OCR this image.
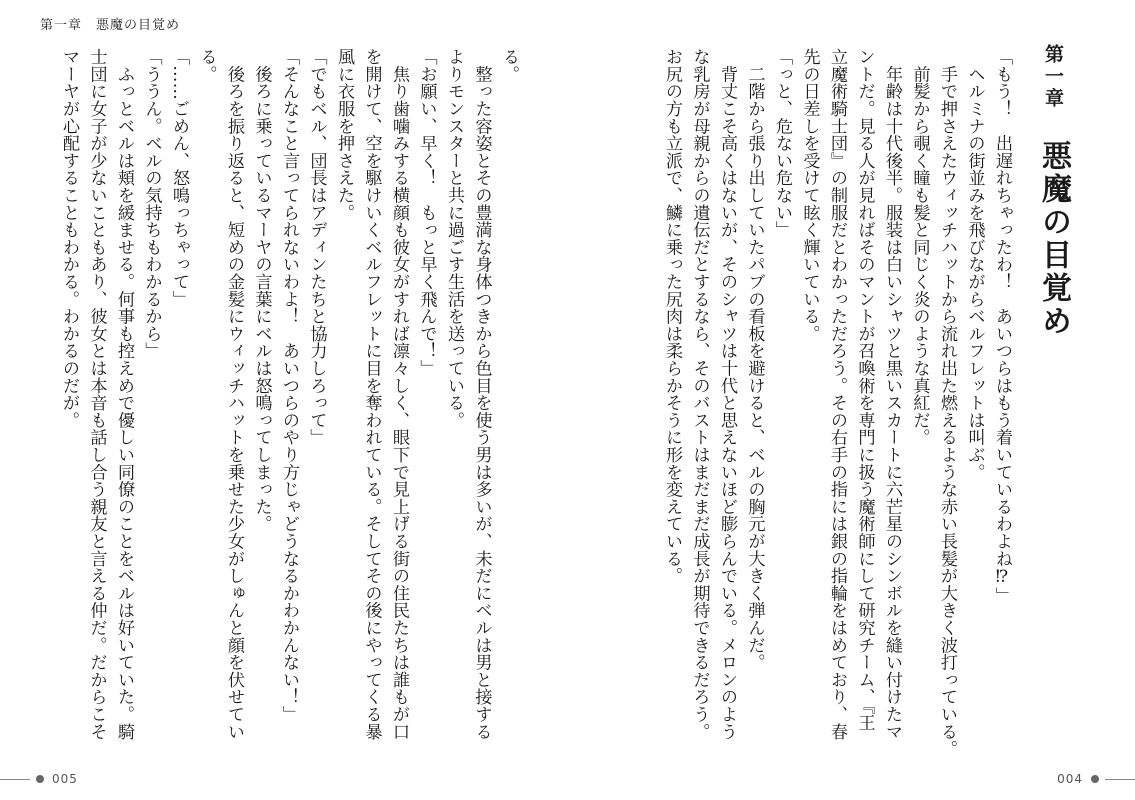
第一章　悪魔の目覚め

る。

　整った容姿とその豊満な身体つきから色目を使う男は多いが、未だにベルは男と接する

よりモンスターと共に過ごす生活を送っている。

「お願い、早く！　もっと早く飛んで！」

　焦り歯噛みする横顔も彼女がすれば凛々しく、眼下で見上げる街の住民たちは誰もが口

を開けて、空を駆けいくベルフレットに目を奪われている。そしてその後にやってくる暴

風に衣服を押さえた。

「でもベル、団長はアディンたちと協力しろって」

「そんなこと言ってられないわよ！　あいつらのやり方じゃどうなるかわかんない！」

　後ろに乗っているマーヤの言葉にベルは怒鳴ってしまった。

　後ろを振り返ると、短めの金髪にウィッチハットを乗せた少女がしゅんと顔を伏せてい

る。

「……ごめん、怒鳴っちゃって」

「ううん。ベルの気持ちもわかるから」

　ふっとベルは頬を緩ませる。何事も控えめで優しい同僚のことをベルは好いていた。騎

士団に女子が少ないこともあり、彼女とは本音も話し合う親友と言える仲だ。だからこそ

マーヤが心配することもわかる。わかるのだが。

005
第一章悪魔の目覚め

「もう！　出遅れちゃったわ！　あいつらはもう着いているわよね⁉」

　ヘルミナの街並みを飛びながらベルフレットは叫ぶ。

　手で押さえたウィッチハットから流れ出た燃えるような赤い長髪が大きく波打っている。

　前髪から覗く瞳も髪と同じく炎のような真紅だ。

　年齢は十代後半。服装は白いシャツと黒いスカートに六芒星のシンボルを縫い付けたマ

ントだ。見る人が見ればそのマントが召喚術を専門に扱う魔術師にして研究チーム、『王

立魔術騎士団』の制服だとわかっただろう。その右手の指には銀の指輪をはめており、春

先の日差しを受けて眩く輝いている。

「っと、危ない危ない」

　二階から張り出していたパブの看板を避けると、ベルの胸元が大きく弾んだ。

　背丈こそ高くはないが、そのシャツは十代と思えないほど膨らんでいる。メロンのよう

な乳房が母親からの遺伝だとするなら、そのバストはまだまだ成長が期待できるだろう。

お尻の方も立派で、鱗に乗った尻肉は柔らかそうに形を変えている。

004
